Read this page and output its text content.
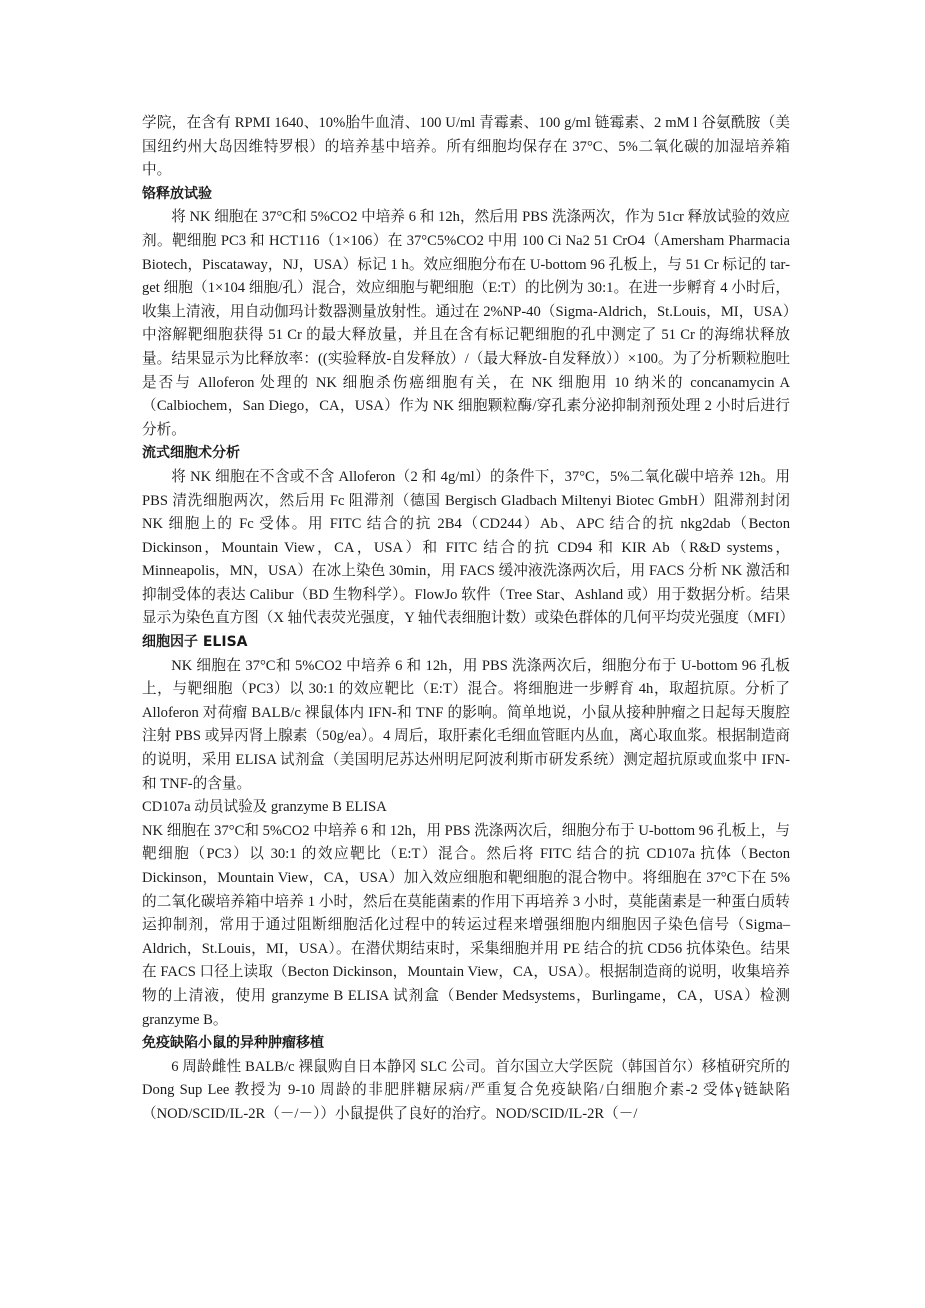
学院，在含有 RPMI 1640、10%胎牛血清、100 U/ml 青霉素、100 g/ml 链霉素、2 mM l 谷氨酰胺（美国纽约州大岛因维特罗根）的培养基中培养。所有细胞均保存在 37°C、5%二氧化碳的加湿培养箱中。

铬释放试验

将 NK 细胞在 37°C和 5%CO2 中培养 6 和 12h，然后用 PBS 洗涤两次，作为 51cr 释放试验的效应剂。靶细胞 PC3 和 HCT116（1×106）在 37°C5%CO2 中用 100 Ci Na2 51 CrO4（Amersham Pharmacia Biotech，Piscataway，NJ，USA）标记 1 h。效应细胞分布在 U-bottom 96 孔板上，与 51 Cr 标记的 tar-get 细胞（1×104 细胞/孔）混合，效应细胞与靶细胞（E:T）的比例为 30:1。在进一步孵育 4 小时后，收集上清液，用自动伽玛计数器测量放射性。通过在 2%NP-40（Sigma-Aldrich，St.Louis，MI，USA）中溶解靶细胞获得 51 Cr 的最大释放量，并且在含有标记靶细胞的孔中测定了 51 Cr 的海绵状释放量。结果显示为比释放率：((实验释放-自发释放）/（最大释放-自发释放））×100。为了分析颗粒胞吐是否与 Alloferon 处理的 NK 细胞杀伤癌细胞有关，在 NK 细胞用 10 纳米的 concanamycin A（Calbiochem，San Diego，CA，USA）作为 NK 细胞颗粒酶/穿孔素分泌抑制剂预处理 2 小时后进行分析。

流式细胞术分析

将 NK 细胞在不含或不含 Alloferon（2 和 4g/ml）的条件下，37°C，5%二氧化碳中培养 12h。用 PBS 清洗细胞两次，然后用 Fc 阻滞剂（德国 Bergisch Gladbach Miltenyi Biotec GmbH）阻滞剂封闭 NK 细胞上的 Fc 受体。用 FITC 结合的抗 2B4（CD244）Ab、APC 结合的抗 nkg2dab（Becton Dickinson，Mountain View，CA，USA）和 FITC 结合的抗 CD94 和 KIR Ab（R&D systems，Minneapolis，MN，USA）在冰上染色 30min，用 FACS 缓冲液洗涤两次后，用 FACS 分析 NK 激活和抑制受体的表达 Calibur（BD 生物科学）。FlowJo 软件（Tree Star、Ashland 或）用于数据分析。结果显示为染色直方图（X 轴代表荧光强度，Y 轴代表细胞计数）或染色群体的几何平均荧光强度（MFI）

细胞因子 ELISA

NK 细胞在 37°C和 5%CO2 中培养 6 和 12h，用 PBS 洗涤两次后，细胞分布于 U-bottom 96 孔板上，与靶细胞（PC3）以 30:1 的效应靶比（E:T）混合。将细胞进一步孵育 4h，取超抗原。分析了 Alloferon 对荷瘤 BALB/c 裸鼠体内 IFN-和 TNF 的影响。简单地说，小鼠从接种肿瘤之日起每天腹腔注射 PBS 或异丙肾上腺素（50g/ea）。4 周后，取肝素化毛细血管眶内丛血，离心取血浆。根据制造商的说明，采用 ELISA 试剂盒（美国明尼苏达州明尼阿波利斯市研发系统）测定超抗原或血浆中 IFN-和 TNF-的含量。

CD107a 动员试验及 granzyme B ELISA

NK 细胞在 37°C和 5%CO2 中培养 6 和 12h，用 PBS 洗涤两次后，细胞分布于 U-bottom 96 孔板上，与靶细胞（PC3）以 30:1 的效应靶比（E:T）混合。然后将 FITC 结合的抗 CD107a 抗体（Becton Dickinson，Mountain View，CA，USA）加入效应细胞和靶细胞的混合物中。将细胞在 37°C下在 5%的二氧化碳培养箱中培养 1 小时，然后在莫能菌素的作用下再培养 3 小时，莫能菌素是一种蛋白质转运抑制剂，常用于通过阻断细胞活化过程中的转运过程来增强细胞内细胞因子染色信号（Sigma–Aldrich，St.Louis，MI，USA）。在潜伏期结束时，采集细胞并用 PE 结合的抗 CD56 抗体染色。结果在 FACS 口径上读取（Becton Dickinson，Mountain View，CA，USA）。根据制造商的说明，收集培养物的上清液，使用 granzyme B ELISA 试剂盒（Bender Medsystems，Burlingame，CA，USA）检测 granzyme B。

免疫缺陷小鼠的异种肿瘤移植

6 周龄雌性 BALB/c 裸鼠购自日本静冈 SLC 公司。首尔国立大学医院（韩国首尔）移植研究所的 Dong Sup Lee 教授为 9-10 周龄的非肥胖糖尿病/严重复合免疫缺陷/白细胞介素-2 受体γ链缺陷（NOD/SCID/IL-2R（－/－））小鼠提供了良好的治疗。NOD/SCID/IL-2R（－/
